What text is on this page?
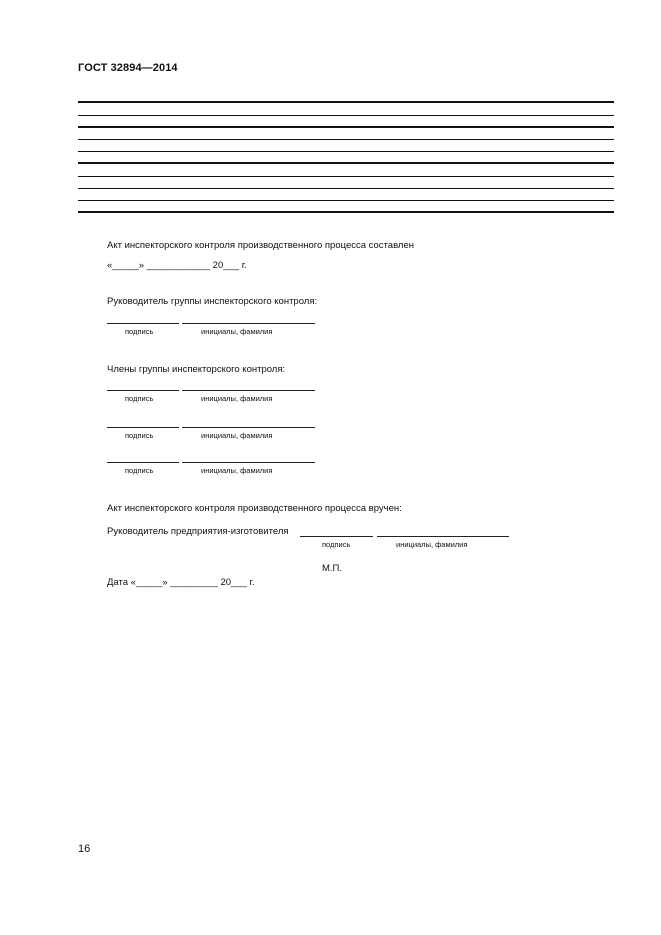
ГОСТ 32894—2014
Акт инспекторского контроля производственного процесса составлен
«_____» ____________ 20___ г.
Руководитель группы инспекторского контроля:
подпись	инициалы, фамилия
Члены группы инспекторского контроля:
подпись	инициалы, фамилия
подпись	инициалы, фамилия
подпись	инициалы, фамилия
Акт инспекторского контроля производственного процесса вручен:
Руководитель предприятия-изготовителя
подпись	инициалы, фамилия
М.П.
Дата «_____» _________ 20___ г.
16
